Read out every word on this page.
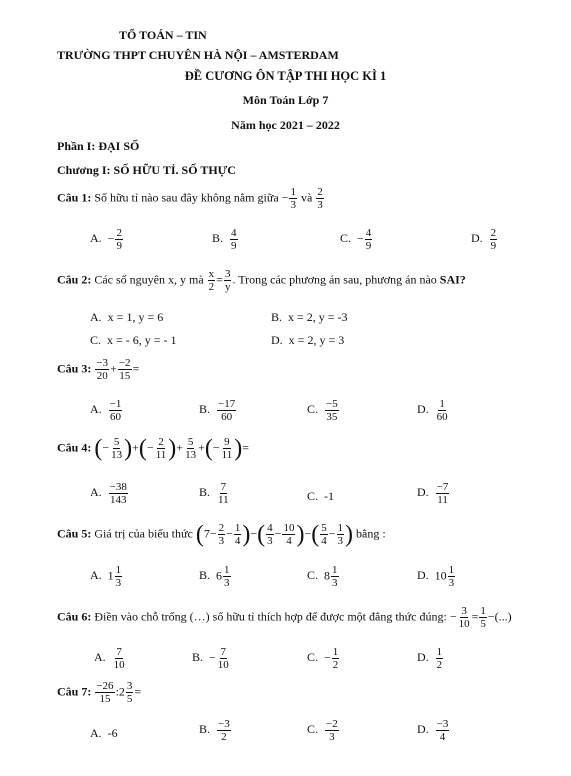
TỔ TOÁN – TIN
TRƯỜNG THPT CHUYÊN HÀ NỘI – AMSTERDAM
ĐỀ CƯƠNG ÔN TẬP THI HỌC KÌ 1
Môn Toán Lớp 7
Năm học 2021 – 2022
Phần I: ĐẠI SỐ
Chương I: SỐ HỮU TỈ. SỐ THỰC
Câu 1: Số hữu tỉ nào sau đây không nằm giữa − $\frac{1}{3}$ và $\frac{2}{3}$
A. − $\frac{2}{9}$	B. $\frac{4}{9}$	C. − $\frac{4}{9}$	D. $\frac{2}{9}$
Câu 2: Các số nguyên x, y mà $\frac{x}{2} = \frac{3}{y}$ . Trong các phương án sau, phương án nào SAI?
A. x = 1, y = 6	B. x = 2, y = -3
C. x = - 6, y = - 1	D. x = 2, y = 3
Câu 3: $\frac{-3}{20} + \frac{-2}{15}$ =
A. $\frac{-1}{60}$	B. $\frac{-17}{60}$	C. $\frac{-5}{35}$	D. $\frac{1}{60}$
Câu 4: (− $\frac{5}{13}$ )+(− $\frac{2}{11}$ )+ $\frac{5}{13}$ +(− $\frac{9}{11}$ )=
A. $\frac{-38}{143}$	B. $\frac{7}{11}$	C. -1	D. $\frac{-7}{11}$
Câu 5: Giá trị của biểu thức ($7- \frac{2}{3} - \frac{1}{4}$ )−( $\frac{4}{3} - \frac{10}{4}$ )−( $\frac{5}{4} - \frac{1}{3}$ ) bằng :
A. $1 \frac{1}{3}$	B. $6 \frac{1}{3}$	C. $8 \frac{1}{3}$	D. $10 \frac{1}{3}$
Câu 6: Điền vào chỗ trống (…) số hữu tỉ thích hợp để được một đẳng thức đúng: − $\frac{3}{10} = \frac{1}{5}$ −(...)
A. $\frac{7}{10}$	B. − $\frac{7}{10}$	C. − $\frac{1}{2}$	D. $\frac{1}{2}$
Câu 7: $\frac{-26}{15}$ :2 $\frac{3}{5}$ =
A. -6	B. $\frac{-3}{2}$	C. $\frac{-2}{3}$	D. $\frac{-3}{4}$
